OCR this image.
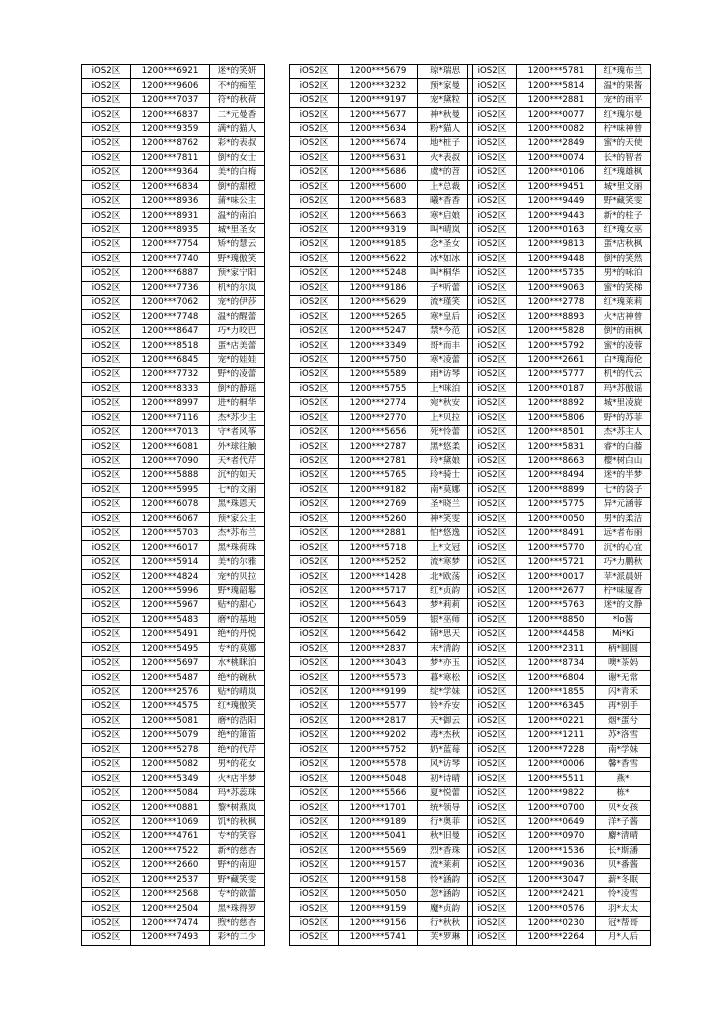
iOS2区	1200***6921	迷*的笑妍
iOS2区	1200***9606	不*的痴笙
iOS2区	1200***7037	符*的秋荷
iOS2区	1200***6837	二*元曼香
iOS2区	1200***9359	满*的猫人
iOS2区	1200***8762	彩*的表叔
iOS2区	1200***7811	倒*的女士
iOS2区	1200***9364	美*的白梅
iOS2区	1200***6834	倒*的甜橙
iOS2区	1200***8936	蒲*味公主
iOS2区	1200***8931	温*的南泊
iOS2区	1200***8935	城*里圣女
iOS2区	1200***7754	矫*的慧云
iOS2区	1200***7740	野*瑰傲笑
iOS2区	1200***6887	预*家宁阳
iOS2区	1200***7736	机*的尔岚
iOS2区	1200***7062	宠*的伊莎
iOS2区	1200***7748	温*的醒蕾
iOS2区	1200***8647	巧*力咬巴
iOS2区	1200***8518	蛋*店美蕾
iOS2区	1200***6845	宠*的娃娃
iOS2区	1200***7732	野*的凌蕾
iOS2区	1200***8333	倒*的静瑶
iOS2区	1200***8997	进*的桐华
iOS2区	1200***7116	杰*苏少主
iOS2区	1200***7013	守*者风筝
iOS2区	1200***6081	外*球往触
iOS2区	1200***7090	天*者代芹
iOS2区	1200***5888	沉*的如天
iOS2区	1200***5995	七*的文丽
iOS2区	1200***6078	黑*珠恩天
iOS2区	1200***6067	预*家公主
iOS2区	1200***5703	杰*苏布兰
iOS2区	1200***6017	黑*珠荷珠
iOS2区	1200***5914	美*的尔雅
iOS2区	1200***4824	宠*的贝拉
iOS2区	1200***5996	野*瑰韶鬈
iOS2区	1200***5967	贴*的甜心
iOS2区	1200***5483	磨*的基地
iOS2区	1200***5491	绝*的丹悦
iOS2区	1200***5495	专*的莫娜
iOS2区	1200***5697	水*桃眯泊
iOS2区	1200***5487	绝*的碗秋
iOS2区	1200***2576	贴*的晴岚
iOS2区	1200***4575	红*瑰傲笑
iOS2区	1200***5081	磨*的浩阳
iOS2区	1200***5079	绝*的箫笛
iOS2区	1200***5278	绝*的代芹
iOS2区	1200***5082	男*的花女
iOS2区	1200***5349	火*店半梦
iOS2区	1200***5084	玛*苏蕊珠
iOS2区	1200***0881	黎*树燕岚
iOS2区	1200***1069	饥*的秋枫
iOS2区	1200***4761	专*的笑容
iOS2区	1200***7522	新*的慈杏
iOS2区	1200***2660	野*的南迎
iOS2区	1200***2537	野*藏笑雯
iOS2区	1200***2568	专*的歆蕾
iOS2区	1200***2504	黑*珠得罗
iOS2区	1200***7474	煦*的慈杏
iOS2区	1200***7493	彩*的二少
iOS2区	1200***5679	琼*瑞思
iOS2区	1200***3232	预*家曼
iOS2区	1200***9197	宠*黛粒
iOS2区	1200***5677	神*秋曼
iOS2区	1200***5634	粉*猫人
iOS2区	1200***5674	地*桩子
iOS2区	1200***5631	火*表叔
iOS2区	1200***5686	虞*的苕
iOS2区	1200***5600	上*总裁
iOS2区	1200***5683	曦*香香
iOS2区	1200***5663	寒*启娘
iOS2区	1200***9319	叫*晴岚
iOS2区	1200***9185	念*圣女
iOS2区	1200***5622	冰*如冰
iOS2区	1200***5248	叫*桐华
iOS2区	1200***9186	子*听蕾
iOS2区	1200***5629	流*瑾笑
iOS2区	1200***5265	寒*皇后
iOS2区	1200***5247	禁*今范
iOS2区	1200***3349	哥*而丰
iOS2区	1200***5750	寒*凌蕾
iOS2区	1200***5589	雨*访琴
iOS2区	1200***5755	上*咪泊
iOS2区	1200***2774	宛*秋安
iOS2区	1200***2770	上*贝拉
iOS2区	1200***5656	死*怜蕾
iOS2区	1200***2787	黑*悠柔
iOS2区	1200***2781	玲*黛娘
iOS2区	1200***5765	玲*骑士
iOS2区	1200***9182	南*莫娜
iOS2区	1200***2769	圣*晓兰
iOS2区	1200***5260	神*笑雯
iOS2区	1200***2881	怕*悠逸
iOS2区	1200***5718	上*文冠
iOS2区	1200***5252	流*寒梦
iOS2区	1200***1428	北*欧荡
iOS2区	1200***5717	红*贞韵
iOS2区	1200***5643	梦*莉莉
iOS2区	1200***5059	银*巫师
iOS2区	1200***5642	锦*思天
iOS2区	1200***2837	末*清韵
iOS2区	1200***3043	梦*亦玉
iOS2区	1200***5573	暮*寒松
iOS2区	1200***9199	绽*学妹
iOS2区	1200***5577	铃*乔安
iOS2区	1200***2817	天*御云
iOS2区	1200***9202	毒*杰秋
iOS2区	1200***5752	奶*蓝莓
iOS2区	1200***5578	风*访琴
iOS2区	1200***5048	初*诗晴
iOS2区	1200***5566	夏*悦蕾
iOS2区	1200***1701	统*领导
iOS2区	1200***9189	行*奥菲
iOS2区	1200***5041	秋*旧曼
iOS2区	1200***5569	烈*香珠
iOS2区	1200***9157	流*莱莉
iOS2区	1200***9158	怜*涵韵
iOS2区	1200***5050	忽*涵韵
iOS2区	1200***9159	魔*贞韵
iOS2区	1200***9156	行*秋秋
iOS2区	1200***5741	芙*罗琳
iOS2区	1200***5781	红*瑰布兰
iOS2区	1200***5814	温*的果酱
iOS2区	1200***2881	宠*的雨平
iOS2区	1200***0077	红*瑰尔曼
iOS2区	1200***0082	柠*味神曾
iOS2区	1200***2849	蜜*的天使
iOS2区	1200***0074	长*的智者
iOS2区	1200***0106	红*瑰雄枫
iOS2区	1200***9451	城*里文丽
iOS2区	1200***9449	野*藏笑雯
iOS2区	1200***9443	新*的柱子
iOS2区	1200***0163	红*瑰女巫
iOS2区	1200***9813	蛋*店秋枫
iOS2区	1200***9448	倒*的笑然
iOS2区	1200***5735	男*的咏泊
iOS2区	1200***9063	蜜*的笑梯
iOS2区	1200***2778	红*瑰莱莉
iOS2区	1200***8893	火*店神曾
iOS2区	1200***5828	倒*的雨枫
iOS2区	1200***5792	蜜*的凌蓉
iOS2区	1200***2661	白*瑰海伦
iOS2区	1200***5777	机*的代云
iOS2区	1200***0187	玛*苏傲谣
iOS2区	1200***8892	城*里凌旋
iOS2区	1200***5806	野*的苏菲
iOS2区	1200***8501	杰*苏主人
iOS2区	1200***5831	睿*的白藤
iOS2区	1200***8663	樱*树白山
iOS2区	1200***8494	迷*的半梦
iOS2区	1200***8899	七*的袋子
iOS2区	1200***5775	异*元涵蓉
iOS2区	1200***0050	男*的柔洁
iOS2区	1200***8491	远*者布丽
iOS2区	1200***5770	沉*的心宜
iOS2区	1200***5721	巧*力鹏秋
iOS2区	1200***0017	苹*派晨妍
iOS2区	1200***2677	柠*味厦香
iOS2区	1200***5763	迷*的文静
iOS2区	1200***8850	*lo酱
iOS2区	1200***4458	Mi*Ki
iOS2区	1200***2311	柄*圆圆
iOS2区	1200***8734	噢*茶妈
iOS2区	1200***6804	谢*无常
iOS2区	1200***1855	闪*青禾
iOS2区	1200***6345	再*别手
iOS2区	1200***0221	烟*蛋兮
iOS2区	1200***1211	苏*洛雪
iOS2区	1200***7228	南*学妹
iOS2区	1200***0006	馨*香雪
iOS2区	1200***5511	燕*
iOS2区	1200***9822	栋*
iOS2区	1200***0700	贝*女孩
iOS2区	1200***0649	洋*子酱
iOS2区	1200***0970	麝*清晴
iOS2区	1200***1536	长*斯潘
iOS2区	1200***9036	贝*番酱
iOS2区	1200***3047	薪*冬眠
iOS2区	1200***2421	怜*凌雪
iOS2区	1200***0576	羽*太太
iOS2区	1200***0230	冠*帮哥
iOS2区	1200***2264	月*人后
